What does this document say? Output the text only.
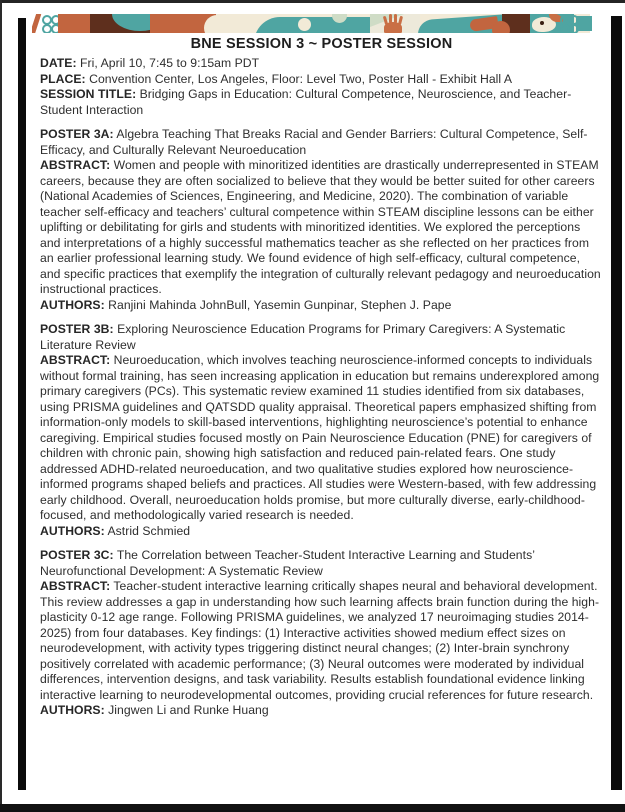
BNE SESSION 3 ~ POSTER SESSION

DATE: Fri, April 10, 7:45 to 9:15am PDT

PLACE: Convention Center, Los Angeles, Floor: Level Two, Poster Hall - Exhibit Hall A

SESSION TITLE: Bridging Gaps in Education: Cultural Competence, Neuroscience, and Teacher-Student Interaction

POSTER 3A: Algebra Teaching That Breaks Racial and Gender Barriers: Cultural Competence, Self-Efficacy, and Culturally Relevant Neuroeducation

ABSTRACT: Women and people with minoritized identities are drastically underrepresented in STEAM careers, because they are often socialized to believe that they would be better suited for other careers (National Academies of Sciences, Engineering, and Medicine, 2020). The combination of variable teacher self-efficacy and teachers’ cultural competence within STEAM discipline lessons can be either uplifting or debilitating for girls and students with minoritized identities. We explored the perceptions and interpretations of a highly successful mathematics teacher as she reflected on her practices from an earlier professional learning study. We found evidence of high self-efficacy, cultural competence, and specific practices that exemplify the integration of culturally relevant pedagogy and neuroeducation instructional practices.

AUTHORS: Ranjini Mahinda JohnBull, Yasemin Gunpinar, Stephen J. Pape

POSTER 3B: Exploring Neuroscience Education Programs for Primary Caregivers: A Systematic Literature Review

ABSTRACT: Neuroeducation, which involves teaching neuroscience-informed concepts to individuals without formal training, has seen increasing application in education but remains underexplored among primary caregivers (PCs). This systematic review examined 11 studies identified from six databases, using PRISMA guidelines and QATSDD quality appraisal. Theoretical papers emphasized shifting from information-only models to skill-based interventions, highlighting neuroscience’s potential to enhance caregiving. Empirical studies focused mostly on Pain Neuroscience Education (PNE) for caregivers of children with chronic pain, showing high satisfaction and reduced pain-related fears. One study addressed ADHD-related neuroeducation, and two qualitative studies explored how neuroscience-informed programs shaped beliefs and practices. All studies were Western-based, with few addressing early childhood. Overall, neuroeducation holds promise, but more culturally diverse, early-childhood-focused, and methodologically varied research is needed.

AUTHORS: Astrid Schmied

POSTER 3C: The Correlation between Teacher-Student Interactive Learning and Students’ Neurofunctional Development: A Systematic Review

ABSTRACT: Teacher-student interactive learning critically shapes neural and behavioral development. This review addresses a gap in understanding how such learning affects brain function during the high-plasticity 0-12 age range. Following PRISMA guidelines, we analyzed 17 neuroimaging studies 2014-2025) from four databases. Key findings: (1) Interactive activities showed medium effect sizes on neurodevelopment, with activity types triggering distinct neural changes; (2) Inter-brain synchrony positively correlated with academic performance; (3) Neural outcomes were moderated by individual differences, intervention designs, and task variability. Results establish foundational evidence linking interactive learning to neurodevelopmental outcomes, providing crucial references for future research.

AUTHORS: Jingwen Li and Runke Huang
